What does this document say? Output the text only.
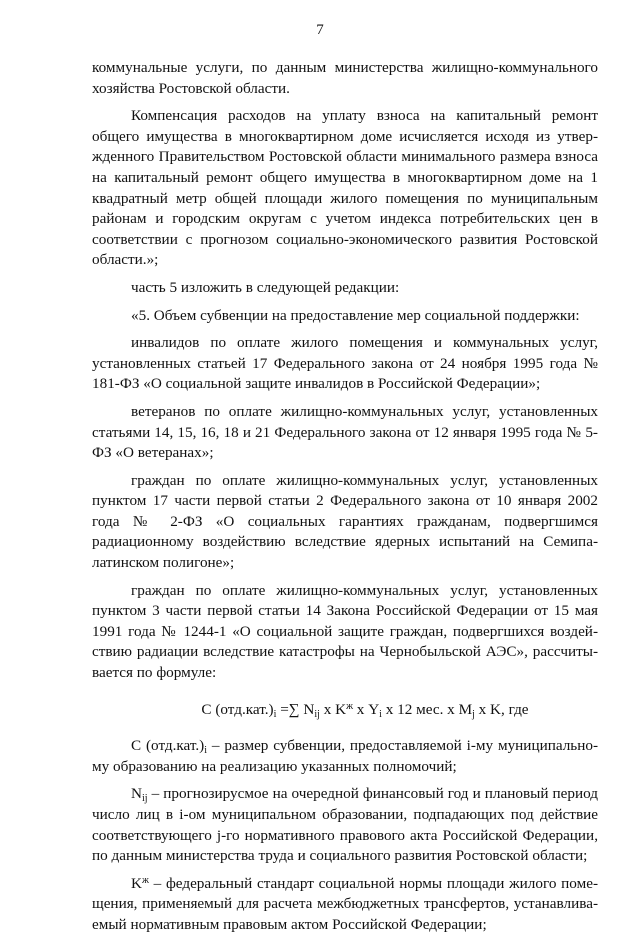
7

коммунальные услуги, по данным министерства жилищно-коммунального хозяйства Ростовской области.

Компенсация расходов на уплату взноса на капитальный ремонт общего имущества в многоквартирном доме исчисляется исходя из утвержденного Правительством Ростовской области минимального размера взноса на капитальный ремонт общего имущества в многоквартирном доме на 1 квадратный метр общей площади жилого помещения по муниципальным районам и городским округам с учетом индекса потребительских цен в соответствии с прогнозом социально-экономического развития Ростовской области.»;

часть 5 изложить в следующей редакции:

«5. Объем субвенции на предоставление мер социальной поддержки:

инвалидов по оплате жилого помещения и коммунальных услуг, установленных статьей 17 Федерального закона от 24 ноября 1995 года № 181-ФЗ «О социальной защите инвалидов в Российской Федерации»;

ветеранов по оплате жилищно-коммунальных услуг, установленных статьями 14, 15, 16, 18 и 21 Федерального закона от 12 января 1995 года № 5-ФЗ «О ветеранах»;

граждан по оплате жилищно-коммунальных услуг, установленных пунктом 17 части первой статьи 2 Федерального закона от 10 января 2002 года № 2-ФЗ «О социальных гарантиях гражданам, подвергшимся радиационному воздействию вследствие ядерных испытаний на Семипалатинском полигоне»;

граждан по оплате жилищно-коммунальных услуг, установленных пунктом 3 части первой статьи 14 Закона Российской Федерации от 15 мая 1991 года № 1244-1 «О социальной защите граждан, подвергшихся воздействию радиации вследствие катастрофы на Чернобыльской АЭС», рассчитывается по формуле:

С $(отд.кат.)_i$ =∑ $N_{ij}$ х $K^ж$ х $Y_i$ х 12 мес. х $M_j$ х K, где

С $(отд.кат.)_i$ – размер субвенции, предоставляемой i-му муниципальному образованию на реализацию указанных полномочий;

$N_{ij}$ – прогнозирусмое на очередной финансовый год и плановый период число лиц в i-ом муниципальном образовании, подпадающих под действие соответствующего j-го нормативного правового акта Российской Федерации, по данным министерства труда и социального развития Ростовской области;

$K^ж$ – федеральный стандарт социальной нормы площади жилого помещения, применяемый для расчета межбюджетных трансфертов, устанавливаемый нормативным правовым актом Российской Федерации;
